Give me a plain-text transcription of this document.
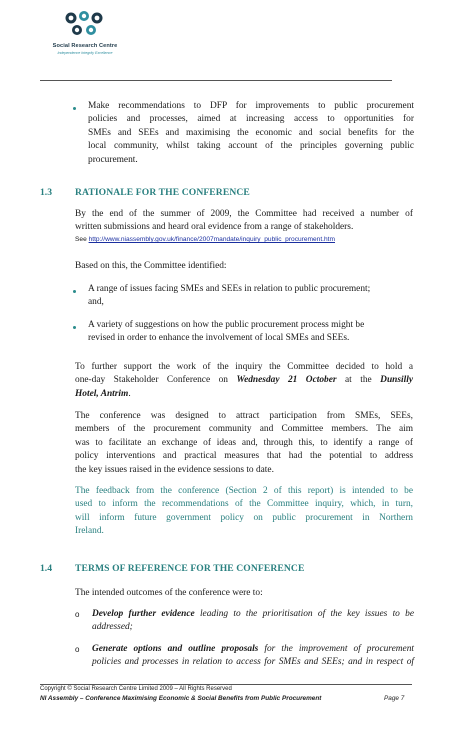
Social Research Centre
Independence Integrity Excellence
Make recommendations to DFP for improvements to public procurement
policies and processes, aimed at increasing access to opportunities for
SMEs and SEEs and maximising the economic and social benefits for the
local community, whilst taking account of the principles governing public
procurement.
1.3 RATIONALE FOR THE CONFERENCE
By the end of the summer of 2009, the Committee had received a number of
written submissions and heard oral evidence from a range of stakeholders.
See http://www.niassembly.gov.uk/finance/2007mandate/inquiry_public_procurement.htm
Based on this, the Committee identified:
A range of issues facing SMEs and SEEs in relation to public procurement;
and,
A variety of suggestions on how the public procurement process might be
revised in order to enhance the involvement of local SMEs and SEEs.
To further support the work of the inquiry the Committee decided to hold a
one-day Stakeholder Conference on Wednesday 21 October at the Dunsilly
Hotel, Antrim.
The conference was designed to attract participation from SMEs, SEEs,
members of the procurement community and Committee members. The aim
was to facilitate an exchange of ideas and, through this, to identify a range of
policy interventions and practical measures that had the potential to address
the key issues raised in the evidence sessions to date.
The feedback from the conference (Section 2 of this report) is intended to be
used to inform the recommendations of the Committee inquiry, which, in turn,
will inform future government policy on public procurement in Northern
Ireland.
1.4 TERMS OF REFERENCE FOR THE CONFERENCE
The intended outcomes of the conference were to:
o Develop further evidence leading to the prioritisation of the key issues to be
addressed;
o Generate options and outline proposals for the improvement of procurement
policies and processes in relation to access for SMEs and SEEs; and in respect of
Copyright © Social Research Centre Limited 2009 – All Rights Reserved
NI Assembly – Conference Maximising Economic & Social Benefits from Public Procurement	Page 7
